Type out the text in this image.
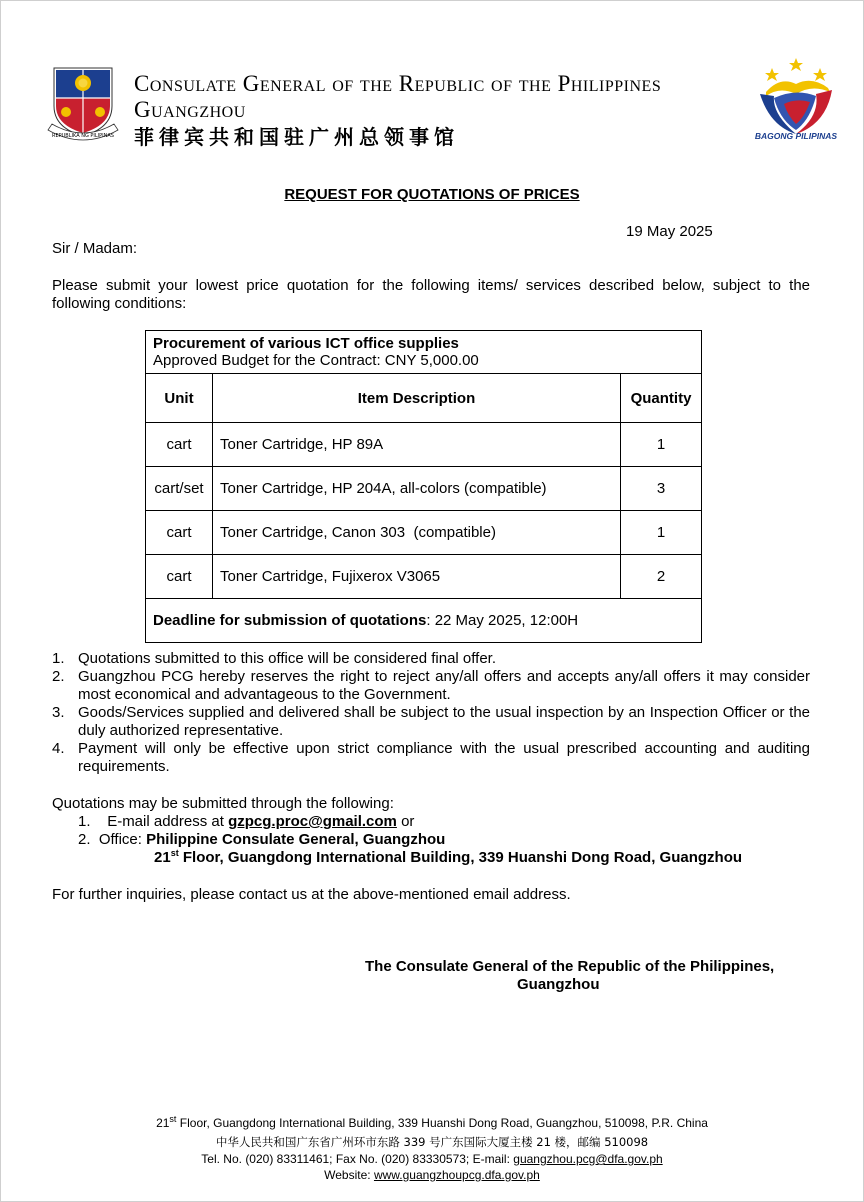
REPUBLIKA NG PILIPINAS
Consulate General of the Republic of the Philippines
Guangzhou
菲律宾共和国驻广州总领事馆	BAGONG PILIPINAS
REQUEST FOR QUOTATIONS OF PRICES
19 May 2025
Sir / Madam:
Please submit your lowest price quotation for the following items/ services described below, subject to the following conditions:
Procurement of various ICT office supplies
Approved Budget for the Contract: CNY 5,000.00		
Unit	Item Description	Quantity
cart	Toner Cartridge, HP 89A	1
cart/set	Toner Cartridge, HP 204A, all-colors (compatible)	3
cart	Toner Cartridge, Canon 303  (compatible)	1
cart	Toner Cartridge, Fujixerox V3065	2
Deadline for submission of quotations: 22 May 2025, 12:00H		
1. Quotations submitted to this office will be considered final offer.
2. Guangzhou PCG hereby reserves the right to reject any/all offers and accepts any/all offers it may consider most economical and advantageous to the Government.
3. Goods/Services supplied and delivered shall be subject to the usual inspection by an Inspection Officer or the duly authorized representative.
4. Payment will only be effective upon strict compliance with the usual prescribed accounting and auditing requirements.
Quotations may be submitted through the following:
1. E-mail address at gzpcg.proc@gmail.com or
2. Office: Philippine Consulate General, Guangzhou
21st Floor, Guangdong International Building, 339 Huanshi Dong Road, Guangzhou
For further inquiries, please contact us at the above-mentioned email address.
The Consulate General of the Republic of the Philippines,
Guangzhou
21st Floor, Guangdong International Building, 339 Huanshi Dong Road, Guangzhou, 510098, P.R. China
中华人民共和国广东省广州环市东路 339 号广东国际大厦主楼 21 楼，邮编 510098
Tel. No. (020) 83311461; Fax No. (020) 83330573; E-mail: guangzhou.pcg@dfa.gov.ph
Website: www.guangzhoupcg.dfa.gov.ph
